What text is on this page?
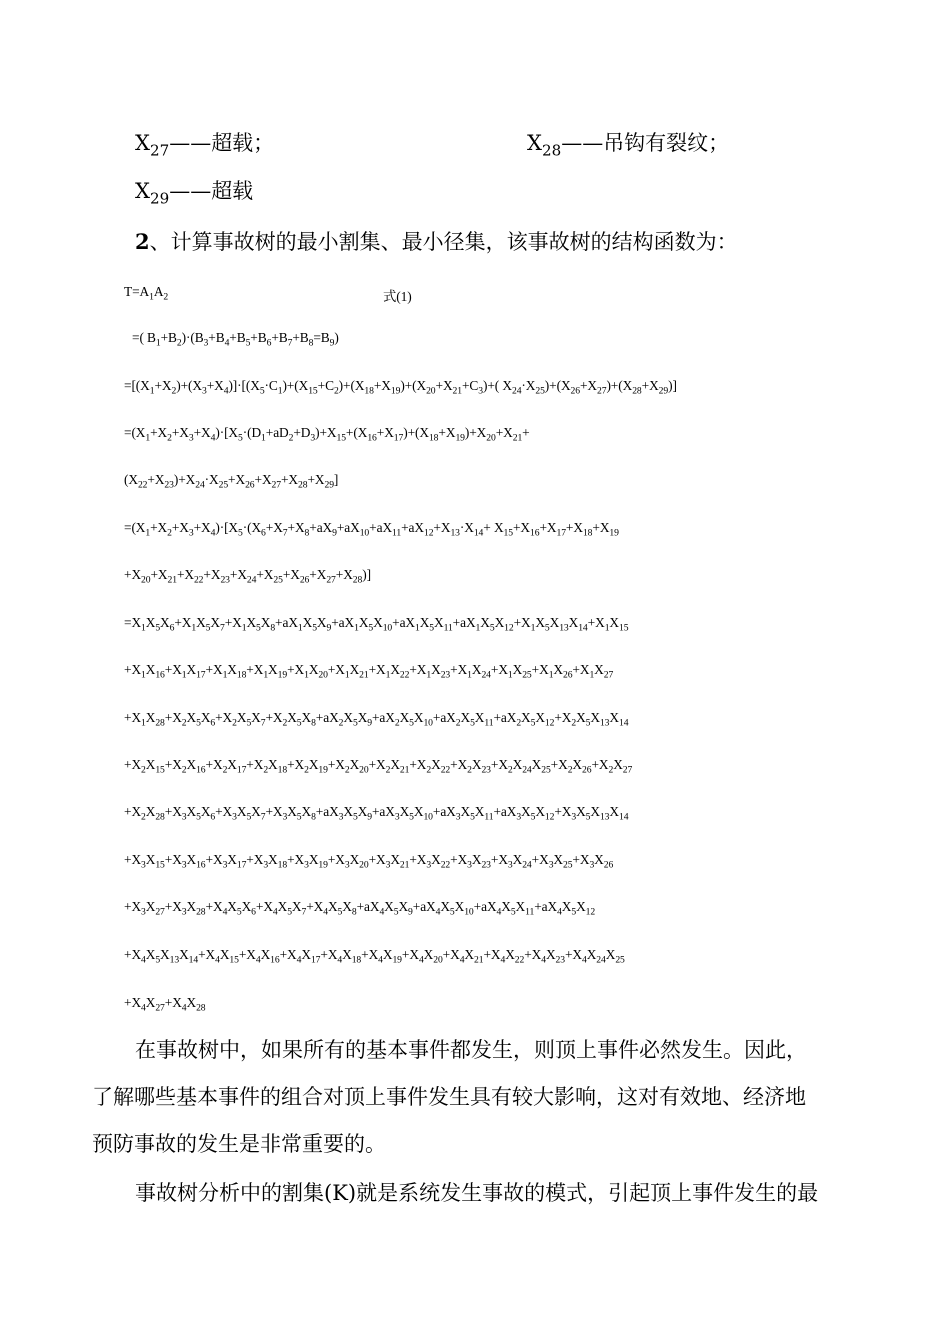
$X_{27}——$超载；	$X_{28}——$吊钩有裂纹；
$X_{29}——$超载
2、计算事故树的最小割集、最小径集，该事故树的结构函数为：
式(1)
$T=A_1A_2$
=( $B_1+B_2)\cdot(B_3+B_4+B_5+B_6+B_7+B_8=B_9)$
$=[(X_1+X_2)+(X_3+X_4)]\cdot[(X_5\cdot C_1)+(X_{15}+C_2)+(X_{18}+X_{19})+(X_{20}+X_{21}+C_3)+$( $X_{24}\cdot X_{25})+(X_{26}+X_{27})+(X_{28}+X_{29})$]
$=(X_1+X_2+X_3+X_4)\cdot[X_5\cdot(D_1+aD_2+D_3)+X_{15}+(X_{16}+X_{17})+(X_{18}+X_{19})+X_{20}+X_{21}+$
$(X_{22}+X_{23})+X_{24}\cdot X_{25}+X_{26}+X_{27}+X_{28}+X_{29}$]
$=(X_1+X_2+X_3+X_4)\cdot[X_5\cdot(X_6+X_7+X_8+aX_9+aX_{10}+aX_{11}+aX_{12}+X_{13}\cdot X_{14}+ X_{15}+X_{16}+X_{17}+X_{18}+X_{19}$
$+X_{20}+X_{21}+X_{22}+X_{23}+X_{24}+X_{25}+X_{26}+X_{27}+X_{28}$)]
$=X_1X_5X_6+X_1X_5X_7+X_1X_5X_8+aX_1X_5X_9+aX_1X_5X_{10}+aX_1X_5X_{11}+aX_1X_5X_{12}+X_1X_5X_{13}X_{14}+X_1X_{15}$
$+X_1X_{16}+X_1X_{17}+X_1X_{18}+X_1X_{19}+X_1X_{20}+X_1X_{21}+X_1X_{22}+X_1X_{23}+X_1X_{24}+X_1X_{25}+X_1X_{26}+X_1X_{27}$
$+X_1X_{28}+X_2X_5X_6+X_2X_5X_7+X_2X_5X_8+aX_2X_5X_9+aX_2X_5X_{10}+aX_2X_5X_{11}+aX_2X_5X_{12}+X_2X_5X_{13}X_{14}$
$+X_2X_{15}+X_2X_{16}+X_2X_{17}+X_2X_{18}+X_2X_{19}+X_2X_{20}+X_2X_{21}+X_2X_{22}+X_2X_{23}+X_2X_{24}X_{25}+X_2X_{26}+X_2X_{27}$
$+X_2X_{28}+X_3X_5X_6+X_3X_5X_7+X_3X_5X_8+aX_3X_5X_9+aX_3X_5X_{10}+aX_3X_5X_{11}+aX_3X_5X_{12}+X_3X_5X_{13}X_{14}$
$+X_3X_{15}+X_3X_{16}+X_3X_{17}+X_3X_{18}+X_3X_{19}+X_3X_{20}+X_3X_{21}+X_3X_{22}+X_3X_{23}+X_3X_{24}+X_3X_{25}+X_3X_{26}$
$+X_3X_{27}+X_3X_{28}+X_4X_5X_6+X_4X_5X_7+X_4X_5X_8+aX_4X_5X_9+aX_4X_5X_{10}+aX_4X_5X_{11}+aX_4X_5X_{12}$
$+X_4X_5X_{13}X_{14}+X_4X_{15}+X_4X_{16}+X_4X_{17}+X_4X_{18}+X_4X_{19}+X_4X_{20}+X_4X_{21}+X_4X_{22}+X_4X_{23}+X_4X_{24}X_{25}$
$+X_4X_{27}+X_4X_{28}$
在事故树中，如果所有的基本事件都发生，则顶上事件必然发生。因此，
了解哪些基本事件的组合对顶上事件发生具有较大影响，这对有效地、经济地
预防事故的发生是非常重要的。
事故树分析中的割集(K)就是系统发生事故的模式，引起顶上事件发生的最
